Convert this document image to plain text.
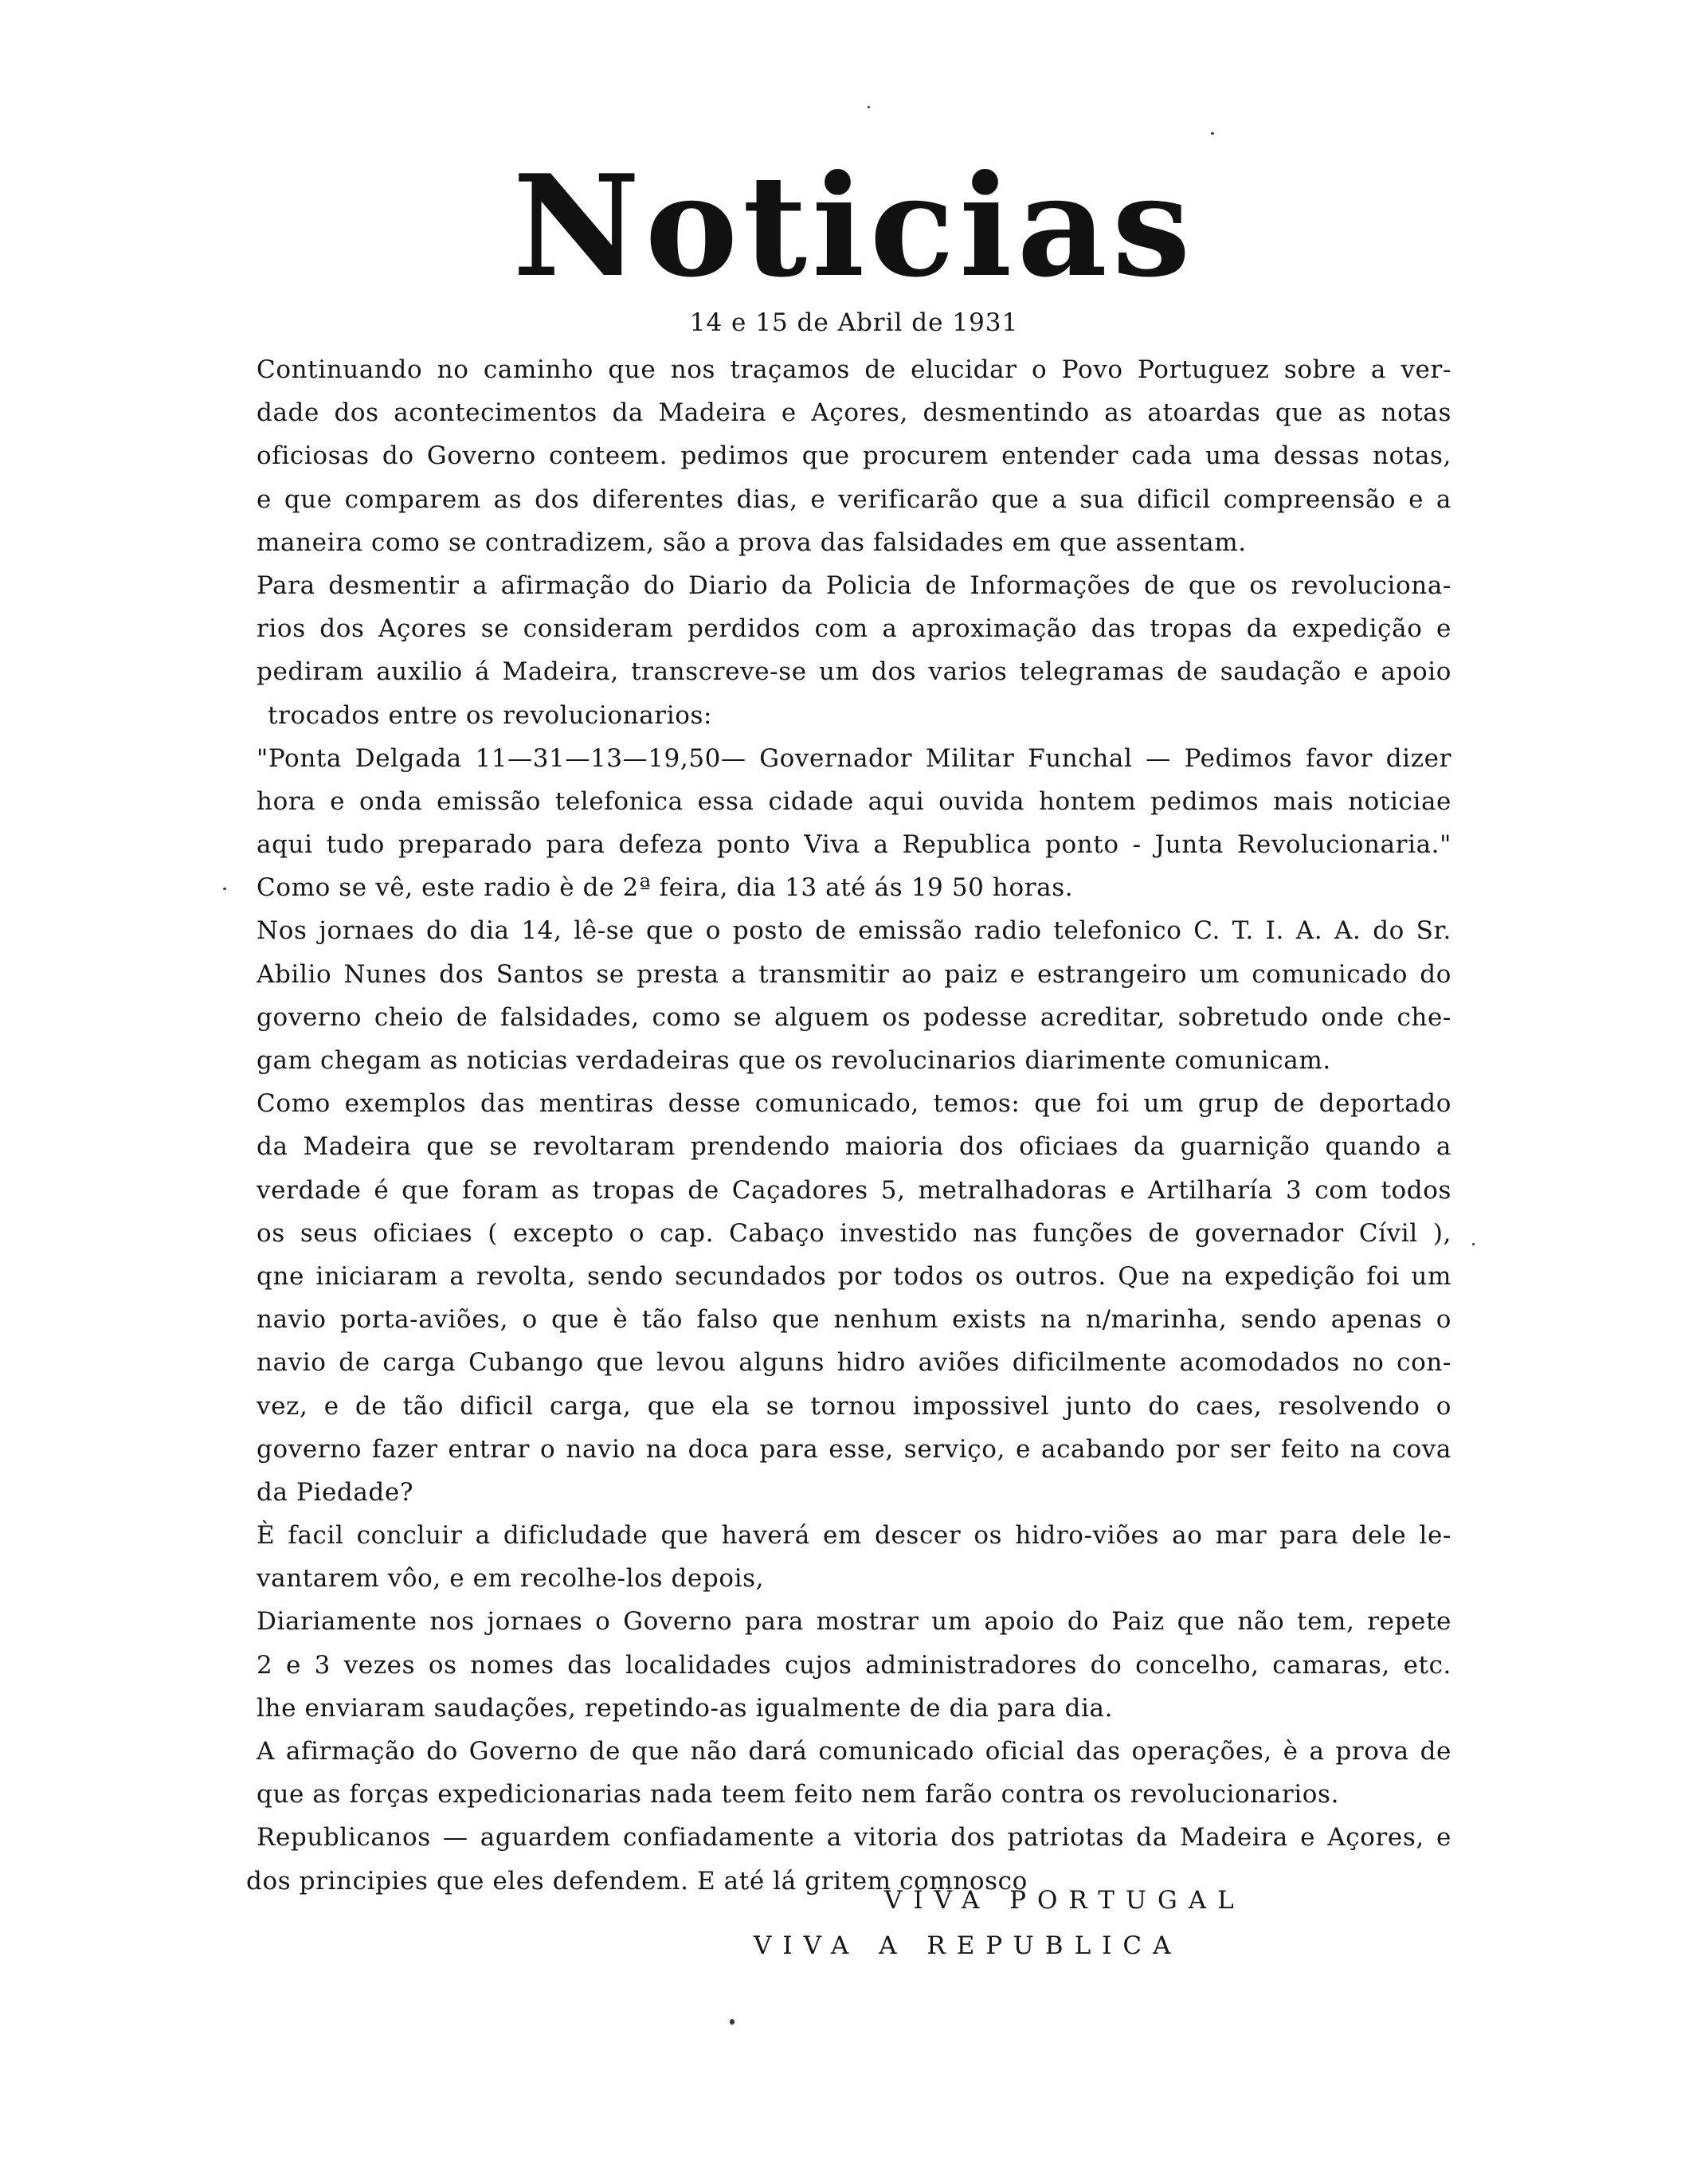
Noticias
14 e 15 de Abril de 1931
Continuando no caminho que nos traçamos de elucidar o Povo Portuguez sobre a ver-
dade dos acontecimentos da Madeira e Açores, desmentindo as atoardas que as notas
oficiosas do Governo conteem. pedimos que procurem entender cada uma dessas notas,
e que comparem as dos diferentes dias, e verificarão que a sua dificil compreensão e a
maneira como se contradizem, são a prova das falsidades em que assentam.
Para desmentir a afirmação do Diario da Policia de Informações de que os revoluciona-
rios dos Açores se consideram perdidos com a aproximação das tropas da expedição e
pediram auxilio á Madeira, transcreve-se um dos varios telegramas de saudação e apoio
trocados entre os revolucionarios:
"Ponta Delgada 11—31—13—19,50— Governador Militar Funchal — Pedimos favor dizer
hora e onda emissão telefonica essa cidade aqui ouvida hontem pedimos mais noticiae
aqui tudo preparado para defeza ponto Viva a Republica ponto - Junta Revolucionaria."
Como se vê, este radio è de 2ª feira, dia 13 até ás 19 50 horas.
Nos jornaes do dia 14, lê-se que o posto de emissão radio telefonico C. T. I. A. A. do Sr.
Abilio Nunes dos Santos se presta a transmitir ao paiz e estrangeiro um comunicado do
governo cheio de falsidades, como se alguem os podesse acreditar, sobretudo onde che-
gam chegam as noticias verdadeiras que os revolucinarios diarimente comunicam.
Como exemplos das mentiras desse comunicado, temos: que foi um grup de deportado
da Madeira que se revoltaram prendendo maioria dos oficiaes da guarnição quando a
verdade é que foram as tropas de Caçadores 5, metralhadoras e Artilharía 3 com todos
os seus oficiaes ( excepto o cap. Cabaço investido nas funções de governador Cívil ),
qne iniciaram a revolta, sendo secundados por todos os outros. Que na expedição foi um
navio porta-aviões, o que è tão falso que nenhum exists na n/marinha, sendo apenas o
navio de carga Cubango que levou alguns hidro aviões dificilmente acomodados no con-
vez, e de tão dificil carga, que ela se tornou impossivel junto do caes, resolvendo o
governo fazer entrar o navio na doca para esse, serviço, e acabando por ser feito na cova
da Piedade?
È facil concluir a dificludade que haverá em descer os hidro-viões ao mar para dele le-
vantarem vôo, e em recolhe-los depois,
Diariamente nos jornaes o Governo para mostrar um apoio do Paiz que não tem, repete
2 e 3 vezes os nomes das localidades cujos administradores do concelho, camaras, etc.
lhe enviaram saudações, repetindo-as igualmente de dia para dia.
A afirmação do Governo de que não dará comunicado oficial das operações, è a prova de
que as forças expedicionarias nada teem feito nem farão contra os revolucionarios.
Republicanos — aguardem confiadamente a vitoria dos patriotas da Madeira e Açores, e
dos principies que eles defendem. E até lá gritem comnosco
VIVA PORTUGAL
VIVA A REPUBLICA
